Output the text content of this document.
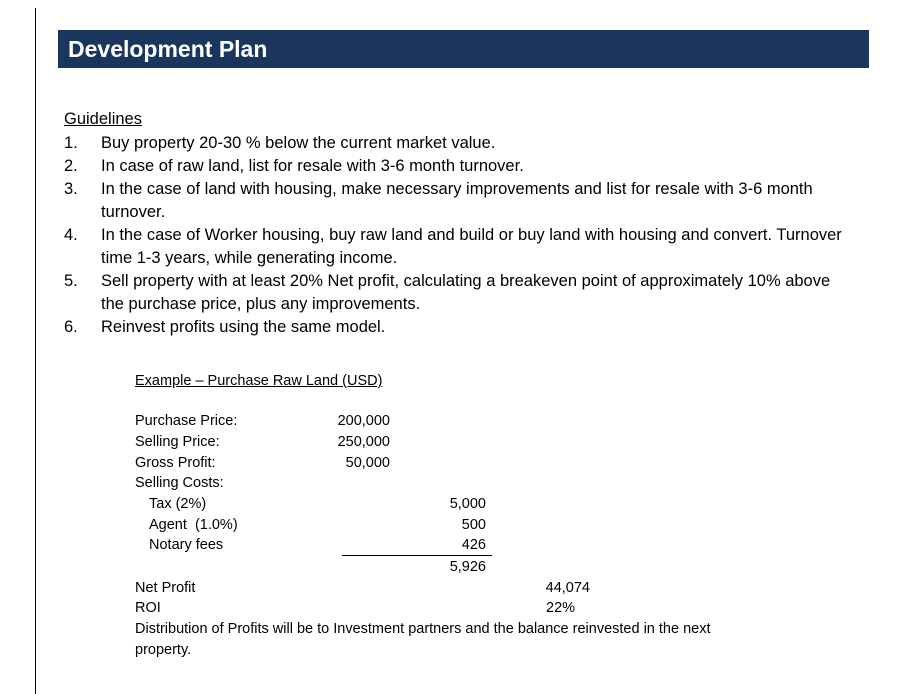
Development Plan
Guidelines
1. Buy property 20-30 % below the current market value.
2. In case of raw land, list for resale with 3-6 month turnover.
3. In the case of land with housing, make necessary improvements and list for resale with 3-6 month turnover.
4. In the case of Worker housing, buy raw land and build or buy land with housing and convert. Turnover time 1-3 years, while generating income.
5. Sell property with at least 20% Net profit, calculating a breakeven point of approximately 10% above the purchase price, plus any improvements.
6. Reinvest profits using the same model.
Example – Purchase Raw Land (USD)
Purchase Price:	200,000
Selling Price:	250,000
Gross Profit:	50,000
Selling Costs:
Tax (2%)	5,000
Agent  (1.0%)	500
Notary fees	426
5,926
Net Profit	44,074
ROI	22%
Distribution of Profits will be to Investment partners and the balance reinvested in the next property.
